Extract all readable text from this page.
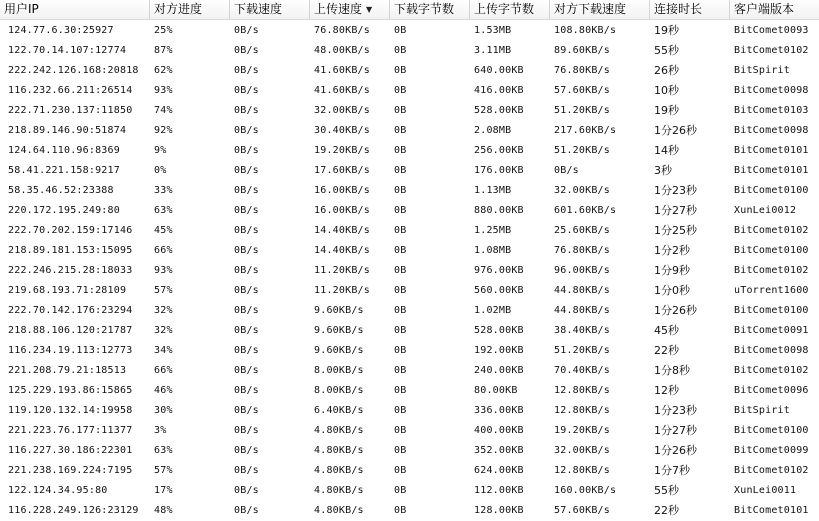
用户IP	对方进度	下载速度	上传速度 ▼	下载字节数	上传字节数	对方下载速度	连接时长	客户端版本
124.77.6.30:25927	25%	0B/s	76.80KB/s	0B	1.53MB	108.80KB/s	19秒	BitComet0093
122.70.14.107:12774	87%	0B/s	48.00KB/s	0B	3.11MB	89.60KB/s	55秒	BitComet0102
222.242.126.168:20818	62%	0B/s	41.60KB/s	0B	640.00KB	76.80KB/s	26秒	BitSpirit
116.232.66.211:26514	93%	0B/s	41.60KB/s	0B	416.00KB	57.60KB/s	10秒	BitComet0098
222.71.230.137:11850	74%	0B/s	32.00KB/s	0B	528.00KB	51.20KB/s	19秒	BitComet0103
218.89.146.90:51874	92%	0B/s	30.40KB/s	0B	2.08MB	217.60KB/s	1分26秒	BitComet0098
124.64.110.96:8369	9%	0B/s	19.20KB/s	0B	256.00KB	51.20KB/s	14秒	BitComet0101
58.41.221.158:9217	0%	0B/s	17.60KB/s	0B	176.00KB	0B/s	3秒	BitComet0101
58.35.46.52:23388	33%	0B/s	16.00KB/s	0B	1.13MB	32.00KB/s	1分23秒	BitComet0100
220.172.195.249:80	63%	0B/s	16.00KB/s	0B	880.00KB	601.60KB/s	1分27秒	XunLei0012
222.70.202.159:17146	45%	0B/s	14.40KB/s	0B	1.25MB	25.60KB/s	1分25秒	BitComet0102
218.89.181.153:15095	66%	0B/s	14.40KB/s	0B	1.08MB	76.80KB/s	1分2秒	BitComet0100
222.246.215.28:18033	93%	0B/s	11.20KB/s	0B	976.00KB	96.00KB/s	1分9秒	BitComet0102
219.68.193.71:28109	57%	0B/s	11.20KB/s	0B	560.00KB	44.80KB/s	1分0秒	uTorrent1600
222.70.142.176:23294	32%	0B/s	9.60KB/s	0B	1.02MB	44.80KB/s	1分26秒	BitComet0100
218.88.106.120:21787	32%	0B/s	9.60KB/s	0B	528.00KB	38.40KB/s	45秒	BitComet0091
116.234.19.113:12773	34%	0B/s	9.60KB/s	0B	192.00KB	51.20KB/s	22秒	BitComet0098
221.208.79.21:18513	66%	0B/s	8.00KB/s	0B	240.00KB	70.40KB/s	1分8秒	BitComet0102
125.229.193.86:15865	46%	0B/s	8.00KB/s	0B	80.00KB	12.80KB/s	12秒	BitComet0096
119.120.132.14:19958	30%	0B/s	6.40KB/s	0B	336.00KB	12.80KB/s	1分23秒	BitSpirit
221.223.76.177:11377	3%	0B/s	4.80KB/s	0B	400.00KB	19.20KB/s	1分27秒	BitComet0100
116.227.30.186:22301	63%	0B/s	4.80KB/s	0B	352.00KB	32.00KB/s	1分26秒	BitComet0099
221.238.169.224:7195	57%	0B/s	4.80KB/s	0B	624.00KB	12.80KB/s	1分7秒	BitComet0102
122.124.34.95:80	17%	0B/s	4.80KB/s	0B	112.00KB	160.00KB/s	55秒	XunLei0011
116.228.249.126:23129	48%	0B/s	4.80KB/s	0B	128.00KB	57.60KB/s	22秒	BitComet0101
